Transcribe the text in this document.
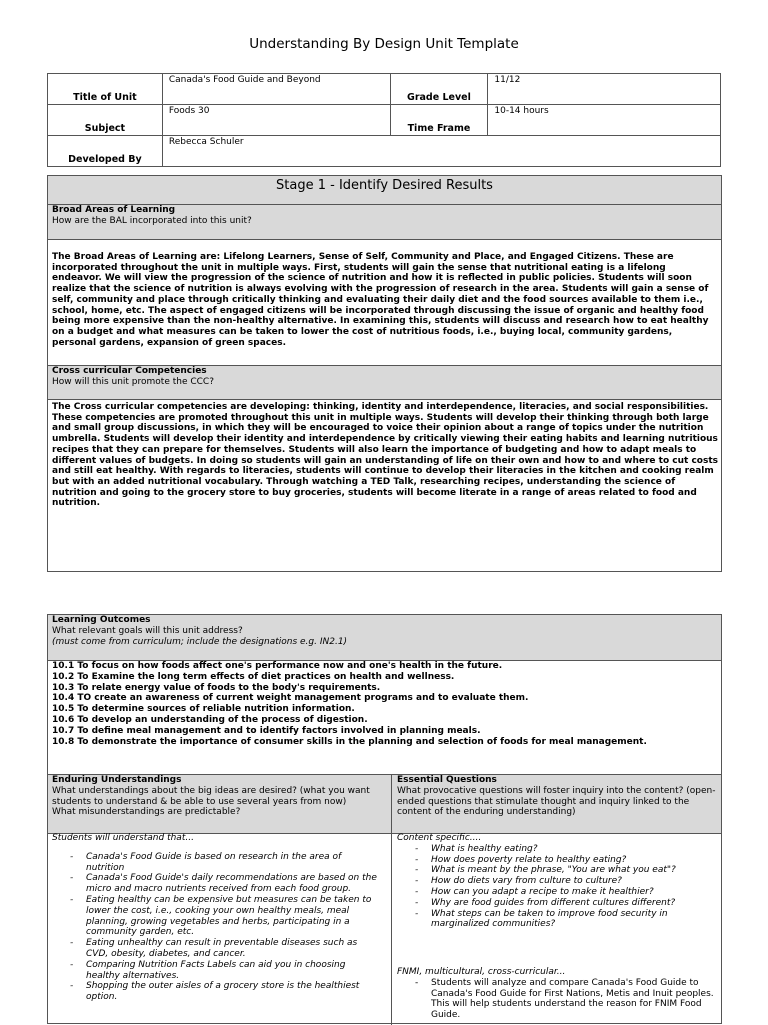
Understanding By Design Unit Template
Title of Unit	Canada's Food Guide and Beyond	Grade Level	11/12
Subject	Foods 30	Time Frame	10-14 hours
Developed By	Rebecca Schuler		
Stage 1 - Identify Desired Results
Broad Areas of Learning
How are the BAL incorporated into this unit?
The Broad Areas of Learning are: Lifelong Learners, Sense of Self, Community and Place, and Engaged Citizens. These are incorporated throughout the unit in multiple ways. First, students will gain the sense that nutritional eating is a lifelong endeavor. We will view the progression of the science of nutrition and how it is reflected in public policies. Students will soon realize that the science of nutrition is always evolving with the progression of research in the area. Students will gain a sense of self, community and place through critically thinking and evaluating their daily diet and the food sources available to them i.e., school, home, etc. The aspect of engaged citizens will be incorporated through discussing the issue of organic and healthy food being more expensive than the non-healthy alternative. In examining this, students will discuss and research how to eat healthy on a budget and what measures can be taken to lower the cost of nutritious foods, i.e., buying local, community gardens, personal gardens, expansion of green spaces.
Cross curricular Competencies
How will this unit promote the CCC?
The Cross curricular competencies are developing: thinking, identity and interdependence, literacies, and social responsibilities. These competencies are promoted throughout this unit in multiple ways. Students will develop their thinking through both large and small group discussions, in which they will be encouraged to voice their opinion about a range of topics under the nutrition umbrella. Students will develop their identity and interdependence by critically viewing their eating habits and learning nutritious recipes that they can prepare for themselves. Students will also learn the importance of budgeting and how to adapt meals to different values of budgets. In doing so students will gain an understanding of life on their own and how to and where to cut costs and still eat healthy. With regards to literacies, students will continue to develop their literacies in the kitchen and cooking realm but with an added nutritional vocabulary. Through watching a TED Talk, researching recipes, understanding the science of nutrition and going to the grocery store to buy groceries, students will become literate in a range of areas related to food and nutrition.
Learning Outcomes
What relevant goals will this unit address?
(must come from curriculum; include the designations e.g. IN2.1)
10.1 To focus on how foods affect one's performance now and one's health in the future.
10.2 To Examine the long term effects of diet practices on health and wellness.
10.3 To relate energy value of foods to the body's requirements.
10.4 TO create an awareness of current weight management programs and to evaluate them.
10.5 To determine sources of reliable nutrition information.
10.6 To develop an understanding of the process of digestion.
10.7 To define meal management and to identify factors involved in planning meals.
10.8 To demonstrate the importance of consumer skills in the planning and selection of foods for meal management.
Enduring Understandings
What understandings about the big ideas are desired? (what you want students to understand & be able to use several years from now)
What misunderstandings are predictable?
Essential Questions
What provocative questions will foster inquiry into the content? (open-ended questions that stimulate thought and inquiry linked to the content of the enduring understanding)
Students will understand that...
- Canada's Food Guide is based on research in the area of nutrition
- Canada's Food Guide's daily recommendations are based on the micro and macro nutrients received from each food group.
- Eating healthy can be expensive but measures can be taken to lower the cost, i.e., cooking your own healthy meals, meal planning, growing vegetables and herbs, participating in a community garden, etc.
- Eating unhealthy can result in preventable diseases such as CVD, obesity, diabetes, and cancer.
- Comparing Nutrition Facts Labels can aid you in choosing healthy alternatives.
- Shopping the outer aisles of a grocery store is the healthiest option.
Content specific....
- What is healthy eating?
- How does poverty relate to healthy eating?
- What is meant by the phrase, "You are what you eat"?
- How do diets vary from culture to culture?
- How can you adapt a recipe to make it healthier?
- Why are food guides from different cultures different?
- What steps can be taken to improve food security in marginalized communities?
FNMI, multicultural, cross-curricular...
- Students will analyze and compare Canada's Food Guide to Canada's Food Guide for First Nations, Metis and Inuit peoples. This will help students understand the reason for FNIM Food Guide.
